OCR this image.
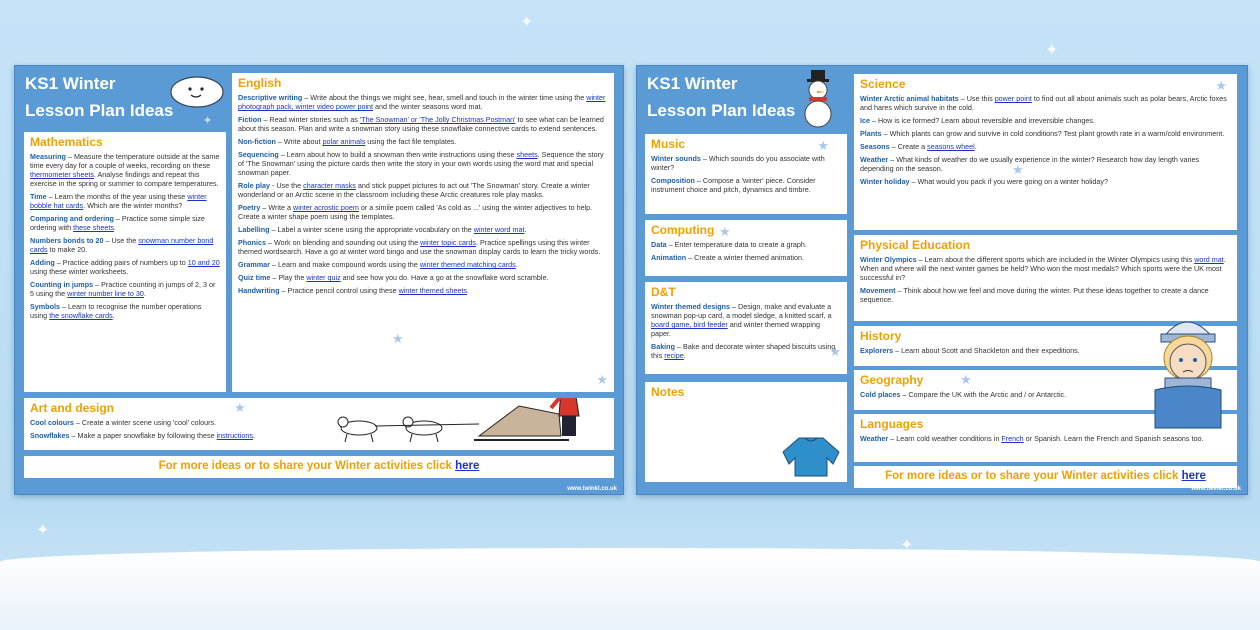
✦
✦
✦
✦
KS1 Winter
Lesson Plan Ideas
✦
Mathematics

Measuring – Measure the temperature outside at the same time every day for a couple of weeks, recording on these thermometer sheets. Analyse findings and repeat this exercise in the spring or summer to compare temperatures.

Time – Learn the months of the year using these winter bobble hat cards. Which are the winter months?

Comparing and ordering – Practice some simple size ordering with these sheets.

Numbers bonds to 20 – Use the snowman number bond cards to make 20.

Adding – Practice adding pairs of numbers up to 10 and 20 using these winter worksheets.

Counting in jumps – Practice counting in jumps of 2, 3 or 5 using the winter number line to 30.

Symbols – Learn to recognise the number operations using the snowflake cards.

English

Descriptive writing – Write about the things we might see, hear, smell and touch in the winter time using the winter photograph pack, winter video power point and the winter seasons word mat.

Fiction – Read winter stories such as 'The Snowman' or 'The Jolly Christmas Postman' to see what can be learned about this season. Plan and write a snowman story using these snowflake connective cards to extend sentences.

Non-fiction – Write about polar animals using the fact file templates.

Sequencing – Learn about how to build a snowman then write instructions using these sheets. Sequence the story of 'The Snowman' using the picture cards then write the story in your own words using the word mat and special snowman paper.

Role play - Use the character masks and stick puppet pictures to act out 'The Snowman' story. Create a winter wonderland or an Arctic scene in the classroom including these Arctic creatures role play masks.

Poetry – Write a winter acrostic poem or a simile poem called 'As cold as ...' using the winter adjectives to help. Create a winter shape poem using the templates.

Labelling – Label a winter scene using the appropriate vocabulary on the winter word mat.

Phonics – Work on blending and sounding out using the winter topic cards. Practice spellings using this winter themed wordsearch. Have a go at winter word bingo and use the snowman display cards to learn the tricky words.

Grammar – Learn and make compound words using the winter themed matching cards.

Quiz time – Play the winter quiz and see how you do. Have a go at the snowflake word scramble.

Handwriting – Practice pencil control using these winter themed sheets.

★
★
Art and design

Cool colours – Create a winter scene using 'cool' colours.

Snowflakes – Make a paper snowflake by following these instructions.

★
For more ideas or to share your Winter activities click here
www.twinkl.co.uk
KS1 Winter
Lesson Plan Ideas
Music

Winter sounds – Which sounds do you associate with winter?

Composition – Compose a 'winter' piece. Consider instrument choice and pitch, dynamics and timbre.

★
Computing

Data – Enter temperature data to create a graph.

Animation – Create a winter themed animation.

★
D&T

Winter themed designs – Design, make and evaluate a snowman pop-up card, a model sledge, a knitted scarf, a board game, bird feeder and winter themed wrapping paper.

Baking – Bake and decorate winter shaped biscuits using this recipe.	★
Notes
Science

Winter Arctic animal habitats – Use this power point to find out all about animals such as polar bears, Arctic foxes and hares which survive in the cold.

Ice – How is ice formed? Learn about reversible and irreversible changes.

Plants – Which plants can grow and survive in cold conditions? Test plant growth rate in a warm/cold environment.

Seasons – Create a seasons wheel.

Weather – What kinds of weather do we usually experience in the winter? Research how day length varies depending on the season.

Winter holiday – What would you pack if you were going on a winter holiday?

★
★
Physical Education

Winter Olympics – Learn about the different sports which are included in the Winter Olympics using this word mat. When and where will the next winter games be held? Who won the most medals? Which sports were the UK most successful in?

Movement – Think about how we feel and move during the winter. Put these ideas together to create a dance sequence.

History

Explorers – Learn about Scott and Shackleton and their expeditions.

Geography

Cold places – Compare the UK with the Arctic and / or Antarctic.

★
Languages

Weather – Learn cold weather conditions in French or Spanish. Learn the French and Spanish seasons too.

For more ideas or to share your Winter activities click here
www.twinkl.co.uk
